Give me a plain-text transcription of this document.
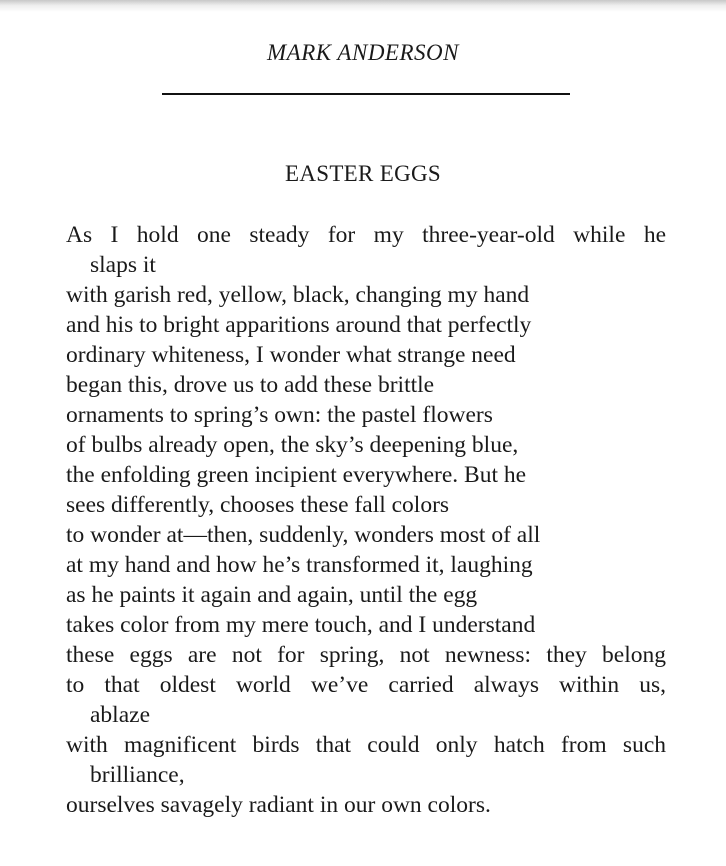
MARK ANDERSON
EASTER EGGS
As I hold one steady for my three-year-old while he
slaps it
with garish red, yellow, black, changing my hand
and his to bright apparitions around that perfectly
ordinary whiteness, I wonder what strange need
began this, drove us to add these brittle
ornaments to spring’s own: the pastel flowers
of bulbs already open, the sky’s deepening blue,
the enfolding green incipient everywhere. But he
sees differently, chooses these fall colors
to wonder at—then, suddenly, wonders most of all
at my hand and how he’s transformed it, laughing
as he paints it again and again, until the egg
takes color from my mere touch, and I understand
these eggs are not for spring, not newness: they belong
to that oldest world we’ve carried always within us,
ablaze
with magnificent birds that could only hatch from such
brilliance,
ourselves savagely radiant in our own colors.
